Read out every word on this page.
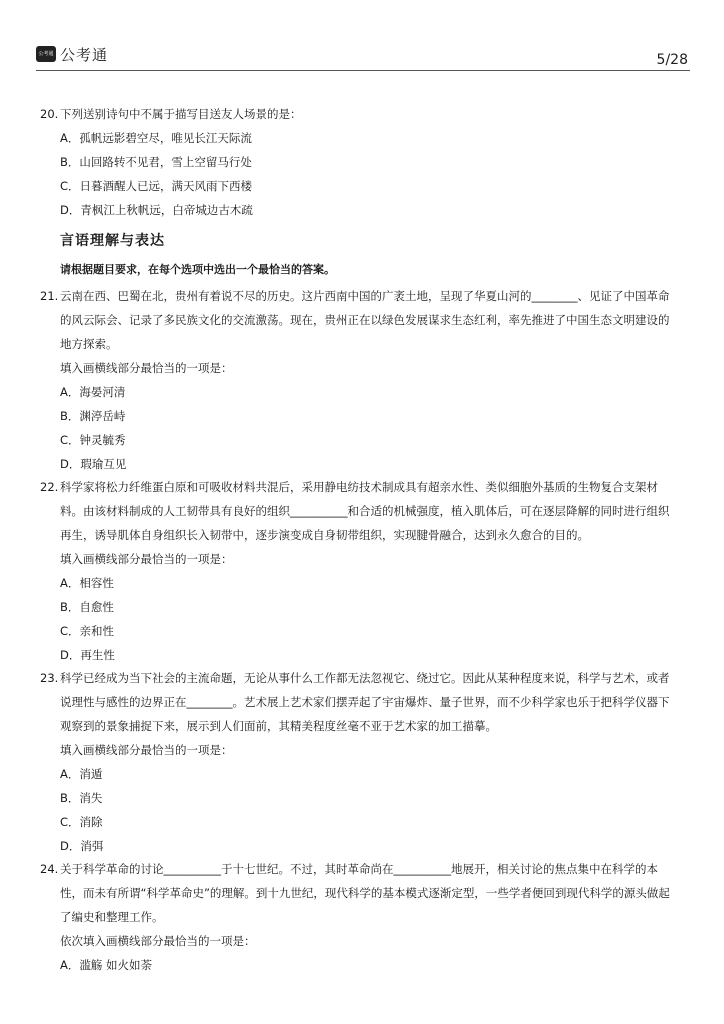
公考通 公考通	5/28
20. 下列送别诗句中不属于描写目送友人场景的是：
A．孤帆远影碧空尽，唯见长江天际流
B．山回路转不见君，雪上空留马行处
C．日暮酒醒人已远，满天风雨下西楼
D．青枫江上秋帆远，白帝城边古木疏
言语理解与表达
请根据题目要求，在每个选项中选出一个最恰当的答案。
21. 云南在西、巴蜀在北，贵州有着说不尽的历史。这片西南中国的广袤土地，呈现了华夏山河的________、见证了中国革命
的风云际会、记录了多民族文化的交流激荡。现在，贵州正在以绿色发展谋求生态红利，率先推进了中国生态文明建设的
地方探索。
填入画横线部分最恰当的一项是：
A．海晏河清
B．渊渟岳峙
C．钟灵毓秀
D．瑕瑜互见
22. 科学家将松力纤维蛋白原和可吸收材料共混后，采用静电纺技术制成具有超亲水性、类似细胞外基质的生物复合支架材
料。由该材料制成的人工韧带具有良好的组织__________和合适的机械强度，植入肌体后，可在逐层降解的同时进行组织
再生，诱导肌体自身组织长入韧带中，逐步演变成自身韧带组织，实现腱骨融合，达到永久愈合的目的。
填入画横线部分最恰当的一项是：
A．相容性
B．自愈性
C．亲和性
D．再生性
23. 科学已经成为当下社会的主流命题，无论从事什么工作都无法忽视它、绕过它。因此从某种程度来说，科学与艺术，或者
说理性与感性的边界正在________。艺术展上艺术家们摆弄起了宇宙爆炸、量子世界，而不少科学家也乐于把科学仪器下
观察到的景象捕捉下来，展示到人们面前，其精美程度丝毫不亚于艺术家的加工描摹。
填入画横线部分最恰当的一项是：
A．消遁
B．消失
C．消除
D．消弭
24. 关于科学革命的讨论__________于十七世纪。不过，其时革命尚在__________地展开，相关讨论的焦点集中在科学的本
性，而未有所谓“科学革命史”的理解。到十九世纪，现代科学的基本模式逐渐定型，一些学者便回到现代科学的源头做起
了编史和整理工作。
依次填入画横线部分最恰当的一项是：
A．滥觞 如火如荼
